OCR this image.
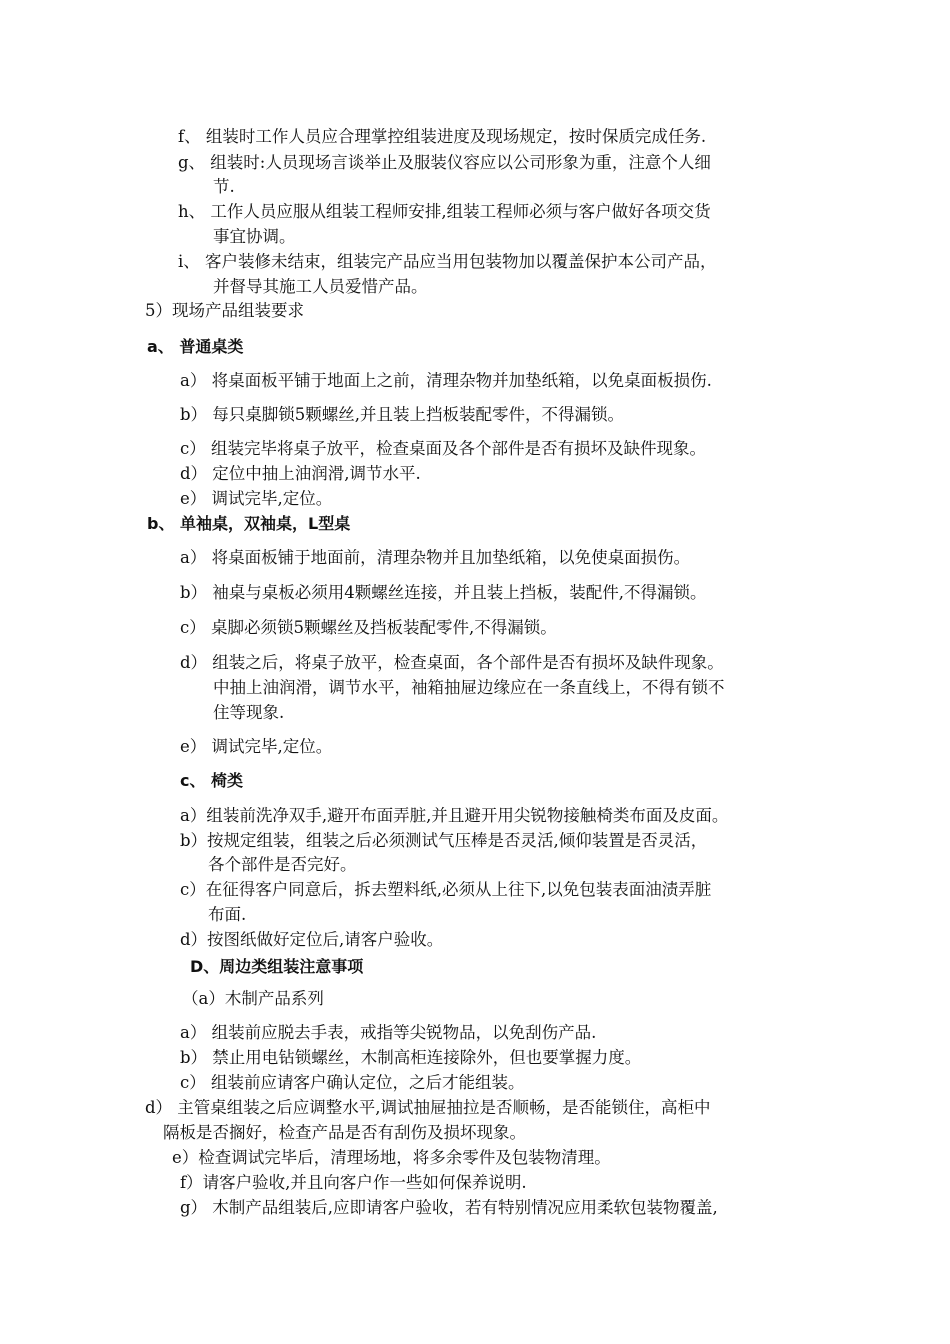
f、 组装时工作人员应合理掌控组装进度及现场规定，按时保质完成任务.
g、 组装时:人员现场言谈举止及服装仪容应以公司形象为重，注意个人细
节.
h、 工作人员应服从组装工程师安排,组装工程师必须与客户做好各项交货
事宜协调。
i、 客户装修未结束，组装完产品应当用包装物加以覆盖保护本公司产品，
并督导其施工人员爱惜产品。
5）现场产品组装要求
a、 普通桌类
a） 将桌面板平铺于地面上之前，清理杂物并加垫纸箱，以免桌面板损伤.
b） 每只桌脚锁5颗螺丝,并且装上挡板装配零件，不得漏锁。
c） 组装完毕将桌子放平，检查桌面及各个部件是否有损坏及缺件现象。
d） 定位中抽上油润滑,调节水平.
e） 调试完毕,定位。
b、 单袖桌，双袖桌，L型桌
a） 将桌面板铺于地面前，清理杂物并且加垫纸箱，以免使桌面损伤。
b） 袖桌与桌板必须用4颗螺丝连接，并且装上挡板，装配件,不得漏锁。
c） 桌脚必须锁5颗螺丝及挡板装配零件,不得漏锁。
d） 组装之后，将桌子放平，检查桌面，各个部件是否有损坏及缺件现象。
中抽上油润滑，调节水平，袖箱抽屉边缘应在一条直线上，不得有锁不
住等现象.
e） 调试完毕,定位。
c、 椅类
a）组装前洗净双手,避开布面弄脏,并且避开用尖锐物接触椅类布面及皮面。
b）按规定组装，组装之后必须测试气压棒是否灵活,倾仰装置是否灵活，
各个部件是否完好。
c）在征得客户同意后，拆去塑料纸,必须从上往下,以免包装表面油渍弄脏
布面.
d）按图纸做好定位后,请客户验收。
D、周边类组装注意事项
（a）木制产品系列
a） 组装前应脱去手表，戒指等尖锐物品，以免刮伤产品.
b） 禁止用电钻锁螺丝，木制高柜连接除外，但也要掌握力度。
c） 组装前应请客户确认定位，之后才能组装。
d） 主管桌组装之后应调整水平,调试抽屉抽拉是否顺畅，是否能锁住，高柜中
隔板是否搁好，检查产品是否有刮伤及损坏现象。
e）检查调试完毕后，清理场地，将多余零件及包装物清理。
f）请客户验收,并且向客户作一些如何保养说明.
g） 木制产品组装后,应即请客户验收，若有特别情况应用柔软包装物覆盖,
